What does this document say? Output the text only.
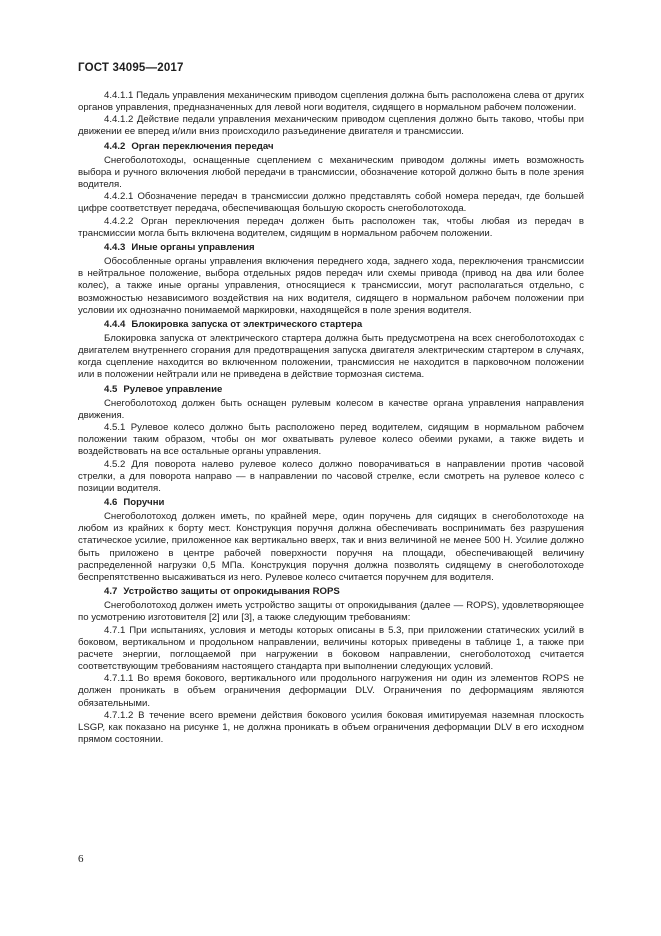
ГОСТ 34095—2017

4.4.1.1 Педаль управления механическим приводом сцепления должна быть расположена слева от других органов управления, предназначенных для левой ноги водителя, сидящего в нормальном рабочем положении.

4.4.1.2 Действие педали управления механическим приводом сцепления должно быть таково, чтобы при движении ее вперед и/или вниз происходило разъединение двигателя и трансмиссии.

4.4.2 Орган переключения передач

Снегоболотоходы, оснащенные сцеплением с механическим приводом должны иметь возможность выбора и ручного включения любой передачи в трансмиссии, обозначение которой должно быть в поле зрения водителя.

4.4.2.1 Обозначение передач в трансмиссии должно представлять собой номера передач, где большей цифре соответствует передача, обеспечивающая большую скорость снегоболотохода.

4.4.2.2 Орган переключения передач должен быть расположен так, чтобы любая из передач в трансмиссии могла быть включена водителем, сидящим в нормальном рабочем положении.

4.4.3 Иные органы управления

Обособленные органы управления включения переднего хода, заднего хода, переключения трансмиссии в нейтральное положение, выбора отдельных рядов передач или схемы привода (привод на два или более колес), а также иные органы управления, относящиеся к трансмиссии, могут располагаться отдельно, с возможностью независимого воздействия на них водителя, сидящего в нормальном рабочем положении при условии их однозначно понимаемой маркировки, находящейся в поле зрения водителя.

4.4.4 Блокировка запуска от электрического стартера

Блокировка запуска от электрического стартера должна быть предусмотрена на всех снегоболотоходах с двигателем внутреннего сгорания для предотвращения запуска двигателя электрическим стартером в случаях, когда сцепление находится во включенном положении, трансмиссия не находится в парковочном положении или в положении нейтрали или не приведена в действие тормозная система.

4.5 Рулевое управление

Снегоболотоход должен быть оснащен рулевым колесом в качестве органа управления направления движения.

4.5.1 Рулевое колесо должно быть расположено перед водителем, сидящим в нормальном рабочем положении таким образом, чтобы он мог охватывать рулевое колесо обеими руками, а также видеть и воздействовать на все остальные органы управления.

4.5.2 Для поворота налево рулевое колесо должно поворачиваться в направлении против часовой стрелки, а для поворота направо — в направлении по часовой стрелке, если смотреть на рулевое колесо с позиции водителя.

4.6 Поручни

Снегоболотоход должен иметь, по крайней мере, один поручень для сидящих в снегоболотоходе на любом из крайних к борту мест. Конструкция поручня должна обеспечивать воспринимать без разрушения статическое усилие, приложенное как вертикально вверх, так и вниз величиной не менее 500 Н. Усилие должно быть приложено в центре рабочей поверхности поручня на площади, обеспечивающей величину распределенной нагрузки 0,5 МПа. Конструкция поручня должна позволять сидящему в снегоболотоходе беспрепятственно высаживаться из него. Рулевое колесо считается поручнем для водителя.

4.7 Устройство защиты от опрокидывания ROPS

Снегоболотоход должен иметь устройство защиты от опрокидывания (далее — ROPS), удовлетворяющее по усмотрению изготовителя [2] или [3], а также следующим требованиям:

4.7.1 При испытаниях, условия и методы которых описаны в 5.3, при приложении статических усилий в боковом, вертикальном и продольном направлении, величины которых приведены в таблице 1, а также при расчете энергии, поглощаемой при нагружении в боковом направлении, снегоболотоход считается соответствующим требованиям настоящего стандарта при выполнении следующих условий.

4.7.1.1 Во время бокового, вертикального или продольного нагружения ни один из элементов ROPS не должен проникать в объем ограничения деформации DLV. Ограничения по деформациям являются обязательными.

4.7.1.2 В течение всего времени действия бокового усилия боковая имитируемая наземная плоскость LSGP, как показано на рисунке 1, не должна проникать в объем ограничения деформации DLV в его исходном прямом состоянии.

6
